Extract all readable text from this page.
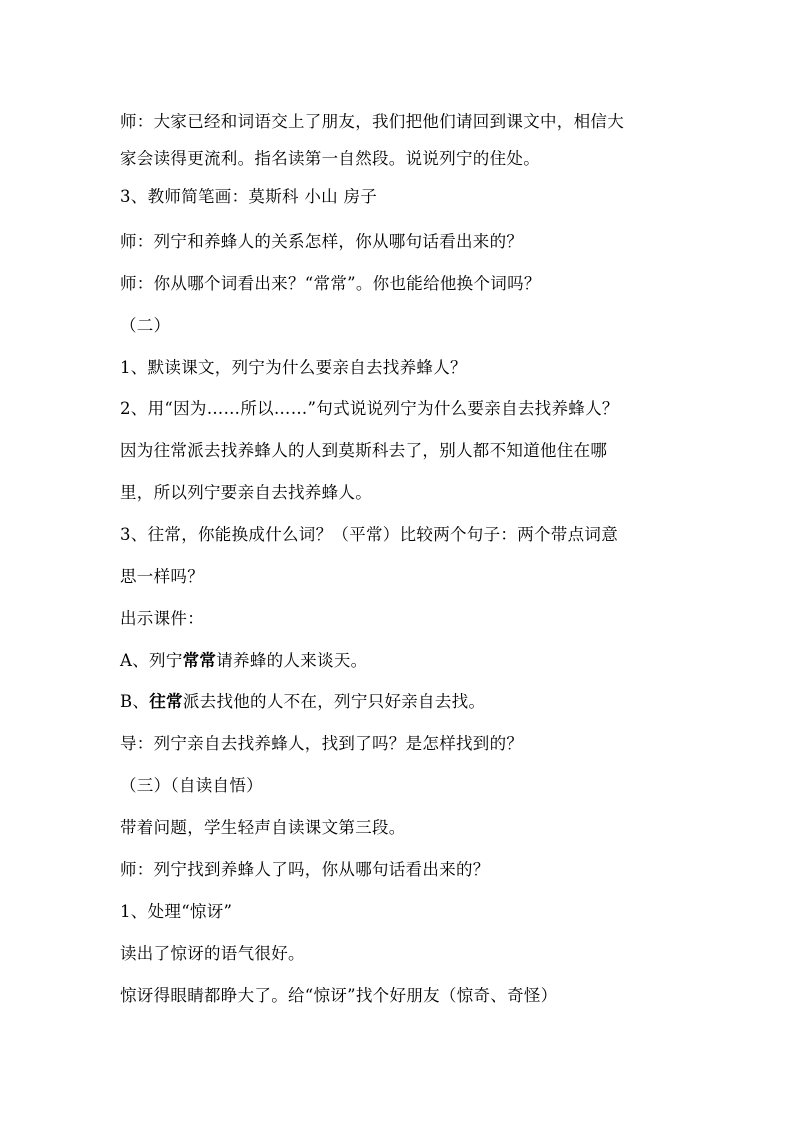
师：大家已经和词语交上了朋友，我们把他们请回到课文中，相信大
家会读得更流利。指名读第一自然段。说说列宁的住处。
3、教师简笔画：莫斯科 小山 房子
师：列宁和养蜂人的关系怎样，你从哪句话看出来的？
师：你从哪个词看出来？“常常”。你也能给他换个词吗？
（二）
1、默读课文，列宁为什么要亲自去找养蜂人？
2、用“因为……所以……”句式说说列宁为什么要亲自去找养蜂人？
因为往常派去找养蜂人的人到莫斯科去了，别人都不知道他住在哪
里，所以列宁要亲自去找养蜂人。
3、往常，你能换成什么词？（平常）比较两个句子：两个带点词意
思一样吗？
出示课件：
A、列宁常常请养蜂的人来谈天。
B、往常派去找他的人不在，列宁只好亲自去找。
导：列宁亲自去找养蜂人，找到了吗？是怎样找到的？
（三）（自读自悟）
带着问题，学生轻声自读课文第三段。
师：列宁找到养蜂人了吗，你从哪句话看出来的？
1、处理“惊讶”
读出了惊讶的语气很好。
惊讶得眼睛都睁大了。给“惊讶”找个好朋友（惊奇、奇怪）
